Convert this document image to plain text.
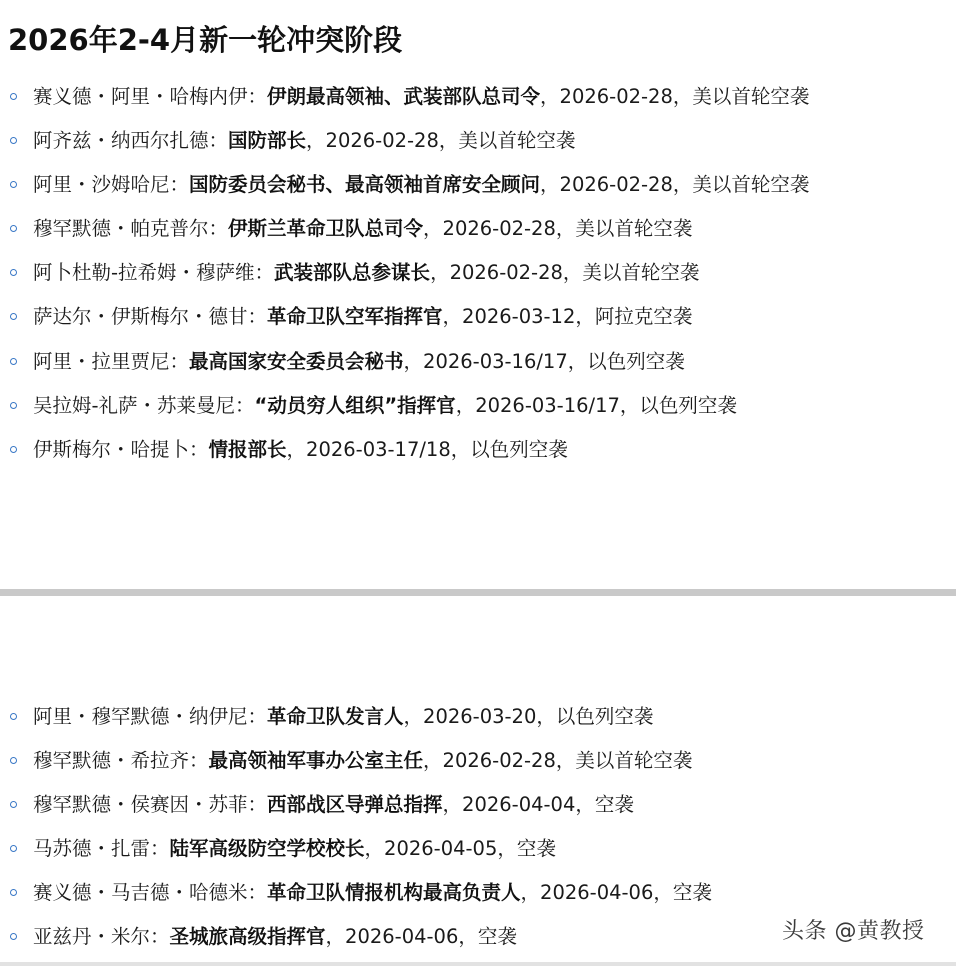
2026年2-4月新一轮冲突阶段
赛义德・阿里・哈梅内伊：伊朗最高领袖、武装部队总司令，2026-02-28，美以首轮空袭
阿齐兹・纳西尔扎德：国防部长，2026-02-28，美以首轮空袭
阿里・沙姆哈尼：国防委员会秘书、最高领袖首席安全顾问，2026-02-28，美以首轮空袭
穆罕默德・帕克普尔：伊斯兰革命卫队总司令，2026-02-28，美以首轮空袭
阿卜杜勒-拉希姆・穆萨维：武装部队总参谋长，2026-02-28，美以首轮空袭
萨达尔・伊斯梅尔・德甘：革命卫队空军指挥官，2026-03-12，阿拉克空袭
阿里・拉里贾尼：最高国家安全委员会秘书，2026-03-16/17，以色列空袭
吴拉姆-礼萨・苏莱曼尼：“动员穷人组织”指挥官，2026-03-16/17，以色列空袭
伊斯梅尔・哈提卜：情报部长，2026-03-17/18，以色列空袭
阿里・穆罕默德・纳伊尼：革命卫队发言人，2026-03-20，以色列空袭
穆罕默德・希拉齐：最高领袖军事办公室主任，2026-02-28，美以首轮空袭
穆罕默德・侯赛因・苏菲：西部战区导弹总指挥，2026-04-04，空袭
马苏德・扎雷：陆军高级防空学校校长，2026-04-05，空袭
赛义德・马吉德・哈德米：革命卫队情报机构最高负责人，2026-04-06，空袭
亚兹丹・米尔：圣城旅高级指挥官，2026-04-06，空袭	头条 @黄教授
